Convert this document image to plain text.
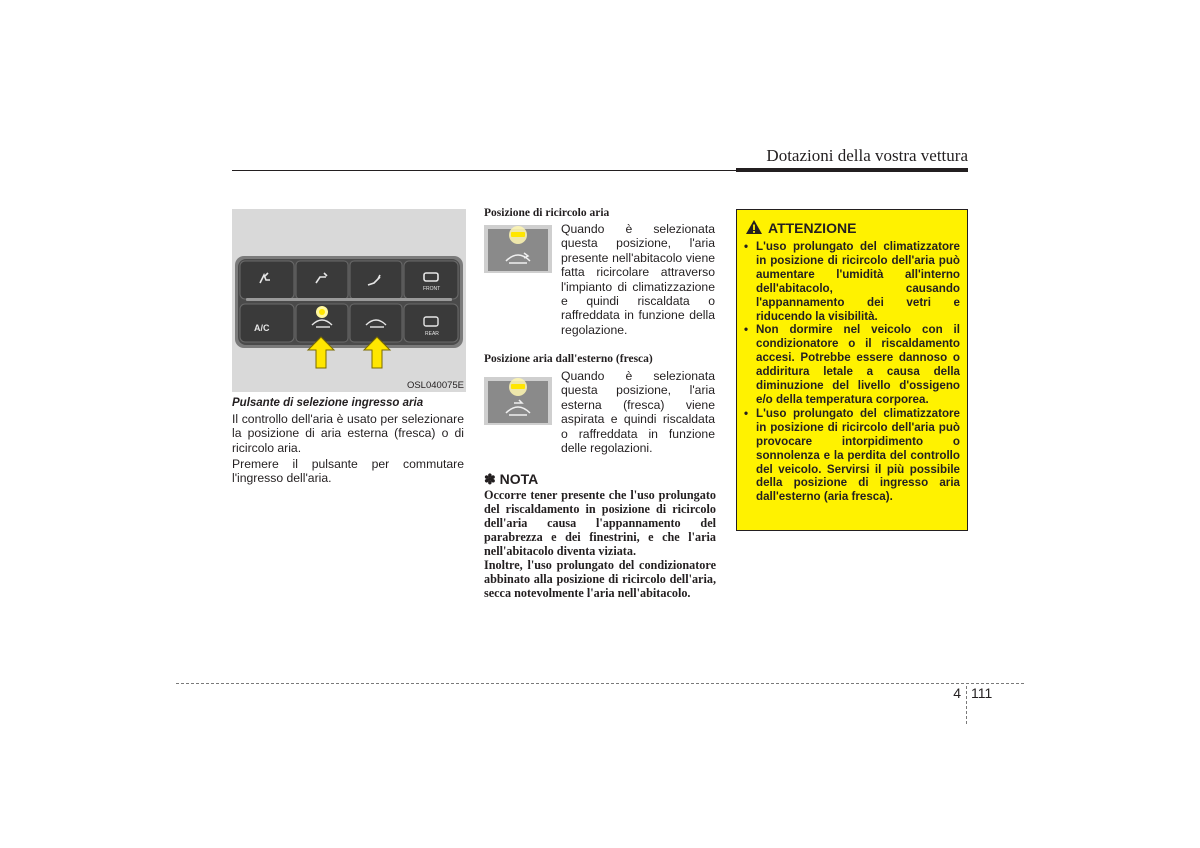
Dotazioni della vostra vettura
A/C
FRONT
REAR
OSL040075E
Pulsante di selezione ingresso aria
Il controllo dell'aria è usato per selezionare la posizione di aria esterna (fresca) o di ricircolo aria.
Premere il pulsante per commutare l'ingresso dell'aria.
Posizione di ricircolo aria
Quando è selezionata questa posizione, l'aria presente nell'abitacolo viene fatta ricircolare attraverso l'impianto di climatizzazione e quindi riscaldata o raffreddata in funzione della regolazione.
Posizione aria dall'esterno (fresca)
Quando è selezionata questa posizione, l'aria esterna (fresca) viene aspirata e quindi riscaldata o raffreddata in funzione delle regolazioni.
✽ NOTA
Occorre tener presente che l'uso prolungato del riscaldamento in posizione di ricircolo dell'aria causa l'appannamento del parabrezza e dei finestrini, e che l'aria nell'abitacolo diventa viziata.
Inoltre, l'uso prolungato del condizionatore abbinato alla posizione di ricircolo dell'aria, secca notevolmente l'aria nell'abitacolo.
ATTENZIONE
• L'uso prolungato del climatizzatore in posizione di ricircolo dell'aria può aumentare l'umidità all'interno dell'abitacolo, causando l'appannamento dei vetri e riducendo la visibilità.
• Non dormire nel veicolo con il condizionatore o il riscaldamento accesi. Potrebbe essere dannoso o addiritura letale a causa della diminuzione del livello d'ossigeno e/o della temperatura corporea.
• L'uso prolungato del climatizzatore in posizione di ricircolo dell'aria può provocare intorpidimento o sonnolenza e la perdita del controllo del veicolo. Servirsi il più possibile della posizione di ingresso aria dall'esterno (aria fresca).
4 111
